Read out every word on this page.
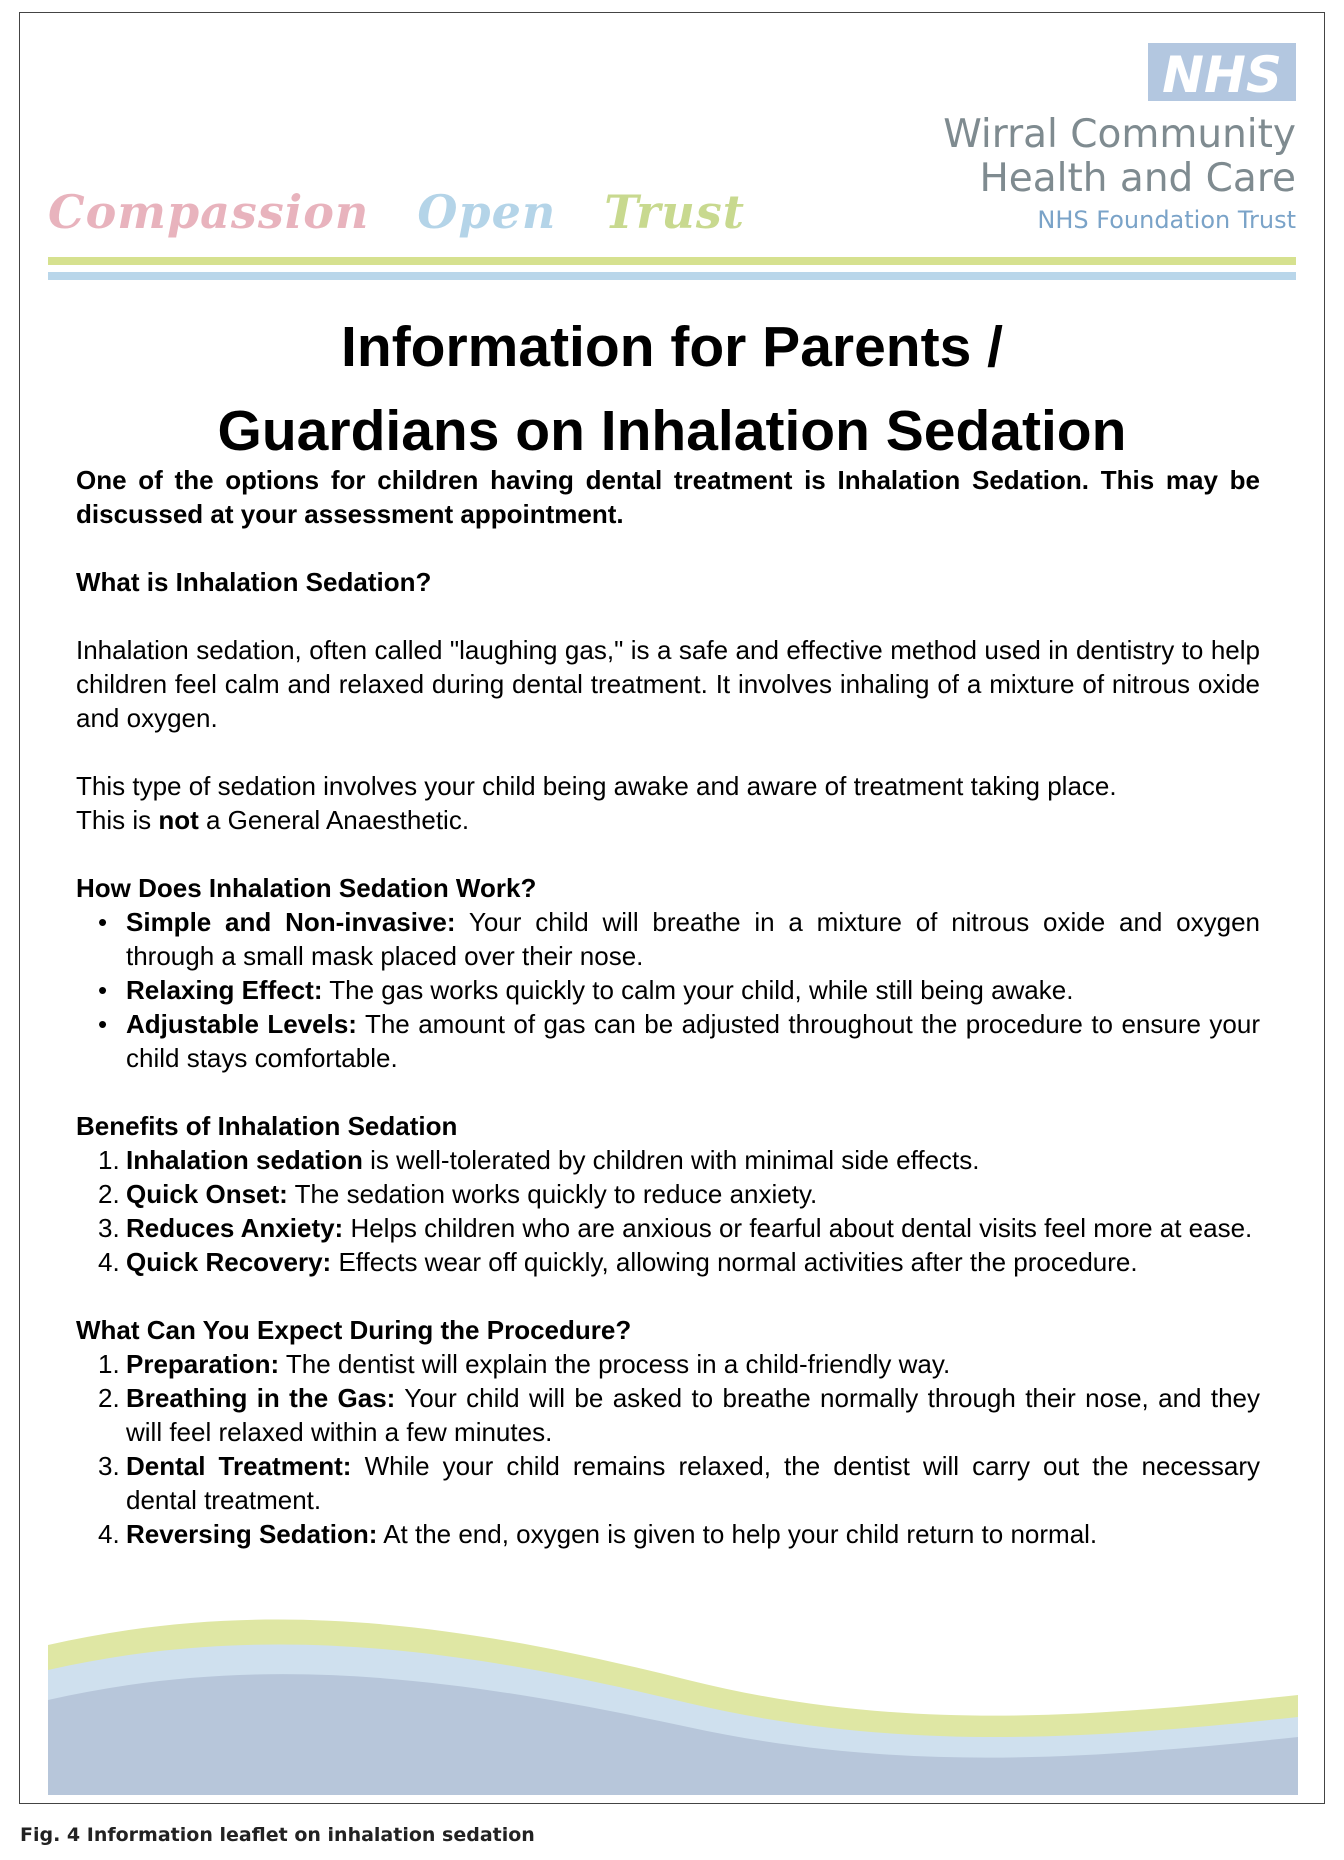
Compassion Open Trust
NHS
Wirral Community
Health and Care
NHS Foundation Trust
Information for Parents /
Guardians on Inhalation Sedation

One of the options for children having dental treatment is Inhalation Sedation. This may be discussed at your assessment appointment.

What is Inhalation Sedation?

Inhalation sedation, often called "laughing gas," is a safe and effective method used in dentistry to help children feel calm and relaxed during dental treatment. It involves inhaling of a mixture of nitrous oxide and oxygen.

This type of sedation involves your child being awake and aware of treatment taking place.

This is not a General Anaesthetic.

How Does Inhalation Sedation Work?

• Simple and Non-invasive: Your child will breathe in a mixture of nitrous oxide and oxygen through a small mask placed over their nose.
• Relaxing Effect: The gas works quickly to calm your child, while still being awake.
• Adjustable Levels: The amount of gas can be adjusted throughout the procedure to ensure your child stays comfortable.

Benefits of Inhalation Sedation

1. Inhalation sedation is well-tolerated by children with minimal side effects.
2. Quick Onset: The sedation works quickly to reduce anxiety.
3. Reduces Anxiety: Helps children who are anxious or fearful about dental visits feel more at ease.
4. Quick Recovery: Effects wear off quickly, allowing normal activities after the procedure.

What Can You Expect During the Procedure?

1. Preparation: The dentist will explain the process in a child-friendly way.
2. Breathing in the Gas: Your child will be asked to breathe normally through their nose, and they will feel relaxed within a few minutes.
3. Dental Treatment: While your child remains relaxed, the dentist will carry out the necessary dental treatment.
4. Reversing Sedation: At the end, oxygen is given to help your child return to normal.
Fig. 4 Information leaflet on inhalation sedation
